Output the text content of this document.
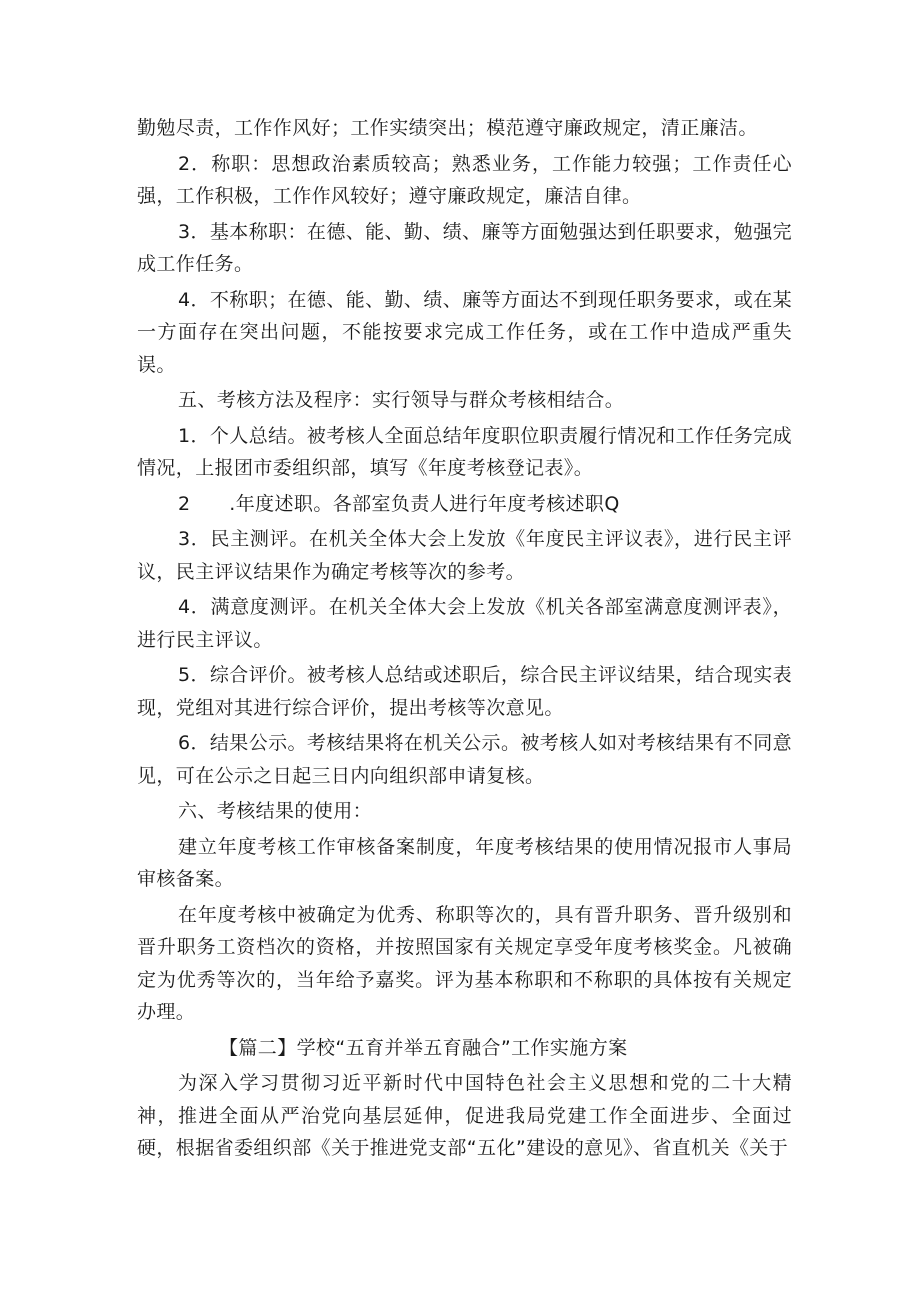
勤勉尽责，工作作风好；工作实绩突出；模范遵守廉政规定，清正廉洁。

2．称职：思想政治素质较高；熟悉业务，工作能力较强；工作责任心强，工作积极，工作作风较好；遵守廉政规定，廉洁自律。

3．基本称职：在德、能、勤、绩、廉等方面勉强达到任职要求，勉强完成工作任务。

4．不称职；在德、能、勤、绩、廉等方面达不到现任职务要求，或在某一方面存在突出问题，不能按要求完成工作任务，或在工作中造成严重失误。

五、考核方法及程序：实行领导与群众考核相结合。

1．个人总结。被考核人全面总结年度职位职责履行情况和工作任务完成情况，上报团市委组织部，填写《年度考核登记表》。

2　　.年度述职。各部室负责人进行年度考核述职Q

3．民主测评。在机关全体大会上发放《年度民主评议表》，进行民主评议，民主评议结果作为确定考核等次的参考。

4．满意度测评。在机关全体大会上发放《机关各部室满意度测评表》，进行民主评议。

5．综合评价。被考核人总结或述职后，综合民主评议结果，结合现实表现，党组对其进行综合评价，提出考核等次意见。

6．结果公示。考核结果将在机关公示。被考核人如对考核结果有不同意见，可在公示之日起三日内向组织部申请复核。

六、考核结果的使用：

建立年度考核工作审核备案制度，年度考核结果的使用情况报市人事局审核备案。

在年度考核中被确定为优秀、称职等次的，具有晋升职务、晋升级别和晋升职务工资档次的资格，并按照国家有关规定享受年度考核奖金。凡被确定为优秀等次的，当年给予嘉奖。评为基本称职和不称职的具体按有关规定办理。

【篇二】学校“五育并举五育融合”工作实施方案

为深入学习贯彻习近平新时代中国特色社会主义思想和党的二十大精神，推进全面从严治党向基层延伸，促进我局党建工作全面进步、全面过硬，根据省委组织部《关于推进党支部“五化”建设的意见》、省直机关《关于
